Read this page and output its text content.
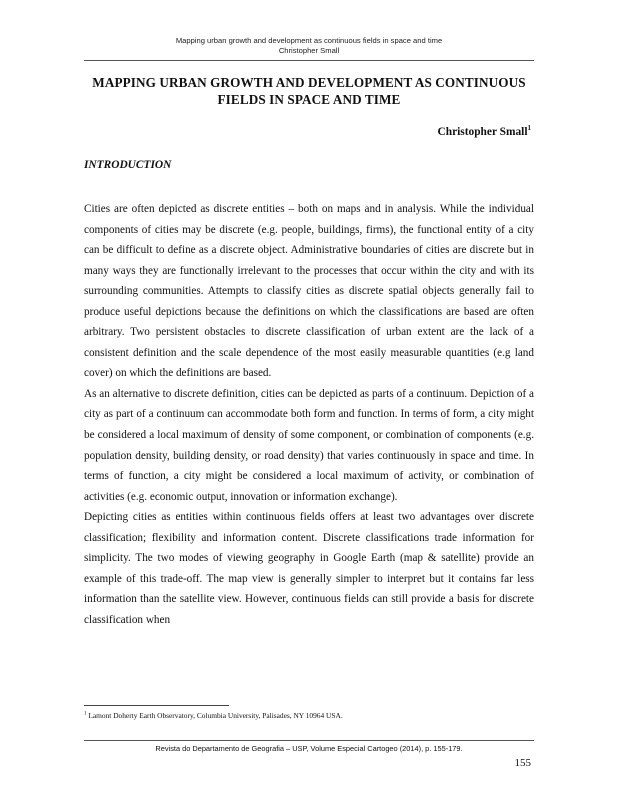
Mapping urban growth and development as continuous fields in space and time
Christopher Small
MAPPING URBAN GROWTH AND DEVELOPMENT AS CONTINUOUS
FIELDS IN SPACE AND TIME
Christopher Small$^1$
INTRODUCTION

Cities are often depicted as discrete entities – both on maps and in analysis. While the individual components of cities may be discrete (e.g. people, buildings, firms), the functional entity of a city can be difficult to define as a discrete object. Administrative boundaries of cities are discrete but in many ways they are functionally irrelevant to the processes that occur within the city and with its surrounding communities. Attempts to classify cities as discrete spatial objects generally fail to produce useful depictions because the definitions on which the classifications are based are often arbitrary. Two persistent obstacles to discrete classification of urban extent are the lack of a consistent definition and the scale dependence of the most easily measurable quantities (e.g land cover) on which the definitions are based.

As an alternative to discrete definition, cities can be depicted as parts of a continuum. Depiction of a city as part of a continuum can accommodate both form and function. In terms of form, a city might be considered a local maximum of density of some component, or combination of components (e.g. population density, building density, or road density) that varies continuously in space and time. In terms of function, a city might be considered a local maximum of activity, or combination of activities (e.g. economic output, innovation or information exchange).

Depicting cities as entities within continuous fields offers at least two advantages over discrete classification; flexibility and information content. Discrete classifications trade information for simplicity. The two modes of viewing geography in Google Earth (map & satellite) provide an example of this trade-off. The map view is generally simpler to interpret but it contains far less information than the satellite view. However, continuous fields can still provide a basis for discrete classification when

$^1$ Lamont Doherty Earth Observatory, Columbia University, Palisades, NY 10964 USA.
Revista do Departamento de Geografia – USP, Volume Especial Cartogeo (2014), p. 155-179.
155
